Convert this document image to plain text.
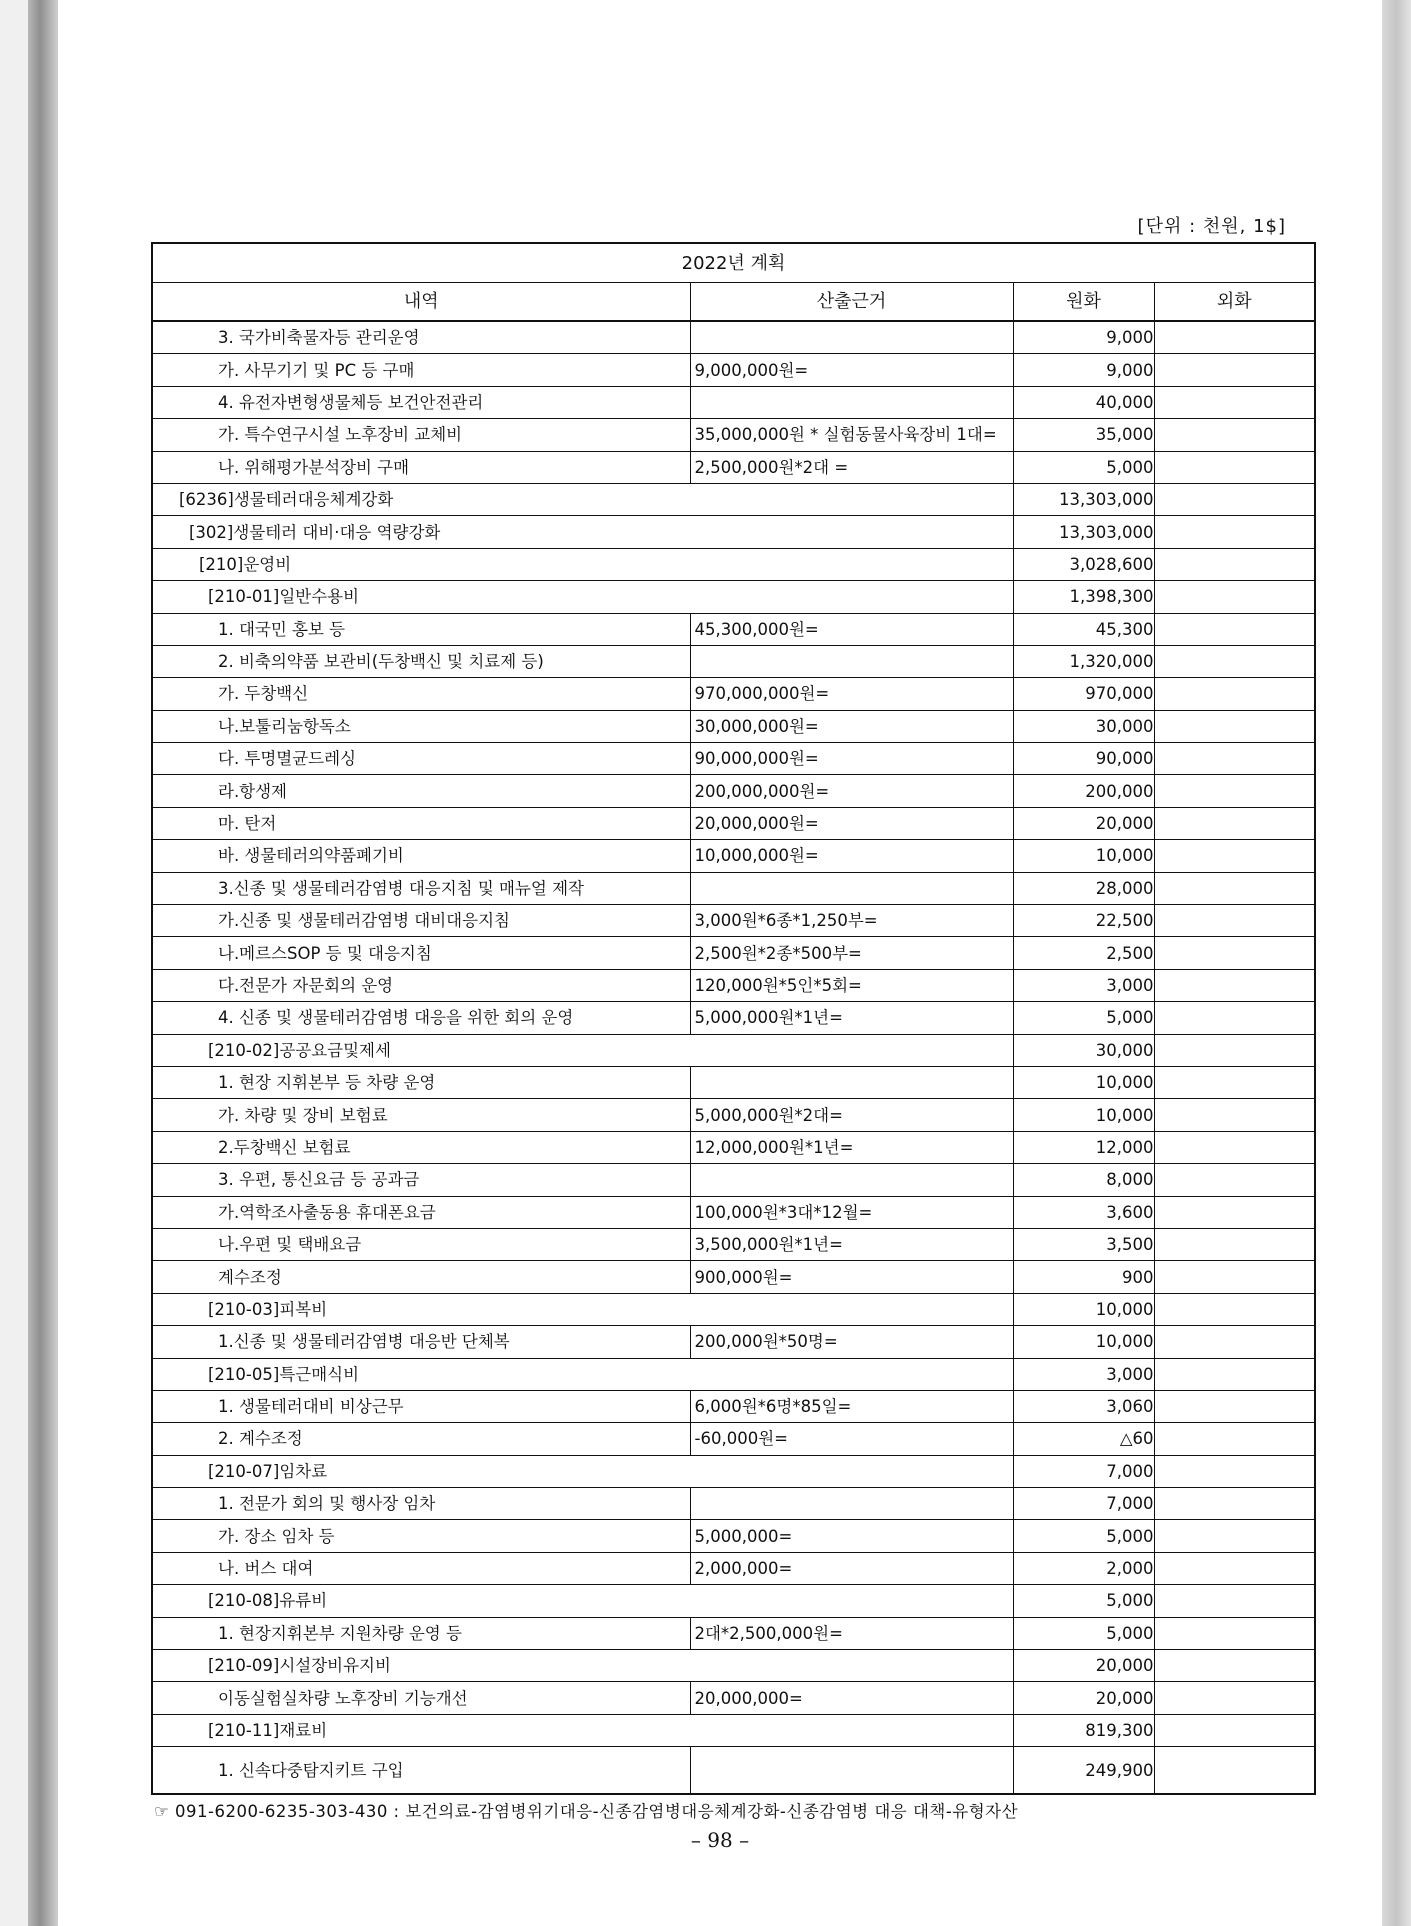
[단위 : 천원, 1$]
2022년 계획			
내역	산출근거	원화	외화
3. 국가비축물자등 관리운영		9,000	
가. 사무기기 및 PC 등 구매	9,000,000원=	9,000	
4. 유전자변형생물체등 보건안전관리		40,000	
가. 특수연구시설 노후장비 교체비	35,000,000원 * 실험동물사육장비 1대=	35,000	
나. 위해평가분석장비 구매	2,500,000원*2대 =	5,000	
[6236]생물테러대응체계강화		13,303,000	
[302]생물테러 대비·대응 역량강화		13,303,000	
[210]운영비		3,028,600	
[210-01]일반수용비		1,398,300	
1. 대국민 홍보 등	45,300,000원=	45,300	
2. 비축의약품 보관비(두창백신 및 치료제 등)		1,320,000	
가. 두창백신	970,000,000원=	970,000	
나.보툴리눔항독소	30,000,000원=	30,000	
다. 투명멸균드레싱	90,000,000원=	90,000	
라.항생제	200,000,000원=	200,000	
마. 탄저	20,000,000원=	20,000	
바. 생물테러의약품폐기비	10,000,000원=	10,000	
3.신종 및 생물테러감염병 대응지침 및 매뉴얼 제작		28,000	
가.신종 및 생물테러감염병 대비대응지침	3,000원*6종*1,250부=	22,500	
나.메르스SOP 등 및 대응지침	2,500원*2종*500부=	2,500	
다.전문가 자문회의 운영	120,000원*5인*5회=	3,000	
4. 신종 및 생물테러감염병 대응을 위한 회의 운영	5,000,000원*1년=	5,000	
[210-02]공공요금및제세		30,000	
1. 현장 지휘본부 등 차량 운영		10,000	
가. 차량 및 장비 보험료	5,000,000원*2대=	10,000	
2.두창백신 보험료	12,000,000원*1년=	12,000	
3. 우편, 통신요금 등 공과금		8,000	
가.역학조사출동용 휴대폰요금	100,000원*3대*12월=	3,600	
나.우편 및 택배요금	3,500,000원*1년=	3,500	
계수조정	900,000원=	900	
[210-03]피복비		10,000	
1.신종 및 생물테러감염병 대응반 단체복	200,000원*50명=	10,000	
[210-05]특근매식비		3,000	
1. 생물테러대비 비상근무	6,000원*6명*85일=	3,060	
2. 계수조정	-60,000원=	△60	
[210-07]임차료		7,000	
1. 전문가 회의 및 행사장 임차		7,000	
가. 장소 임차 등	5,000,000=	5,000	
나. 버스 대여	2,000,000=	2,000	
[210-08]유류비		5,000	
1. 현장지휘본부 지원차량 운영 등	2대*2,500,000원=	5,000	
[210-09]시설장비유지비		20,000	
이동실험실차량 노후장비 기능개선	20,000,000=	20,000	
[210-11]재료비		819,300	
1. 신속다중탐지키트 구입		249,900	
☞ 091-6200-6235-303-430 : 보건의료-감염병위기대응-신종감염병대응체계강화-신종감염병 대응 대책-유형자산
– 98 –
